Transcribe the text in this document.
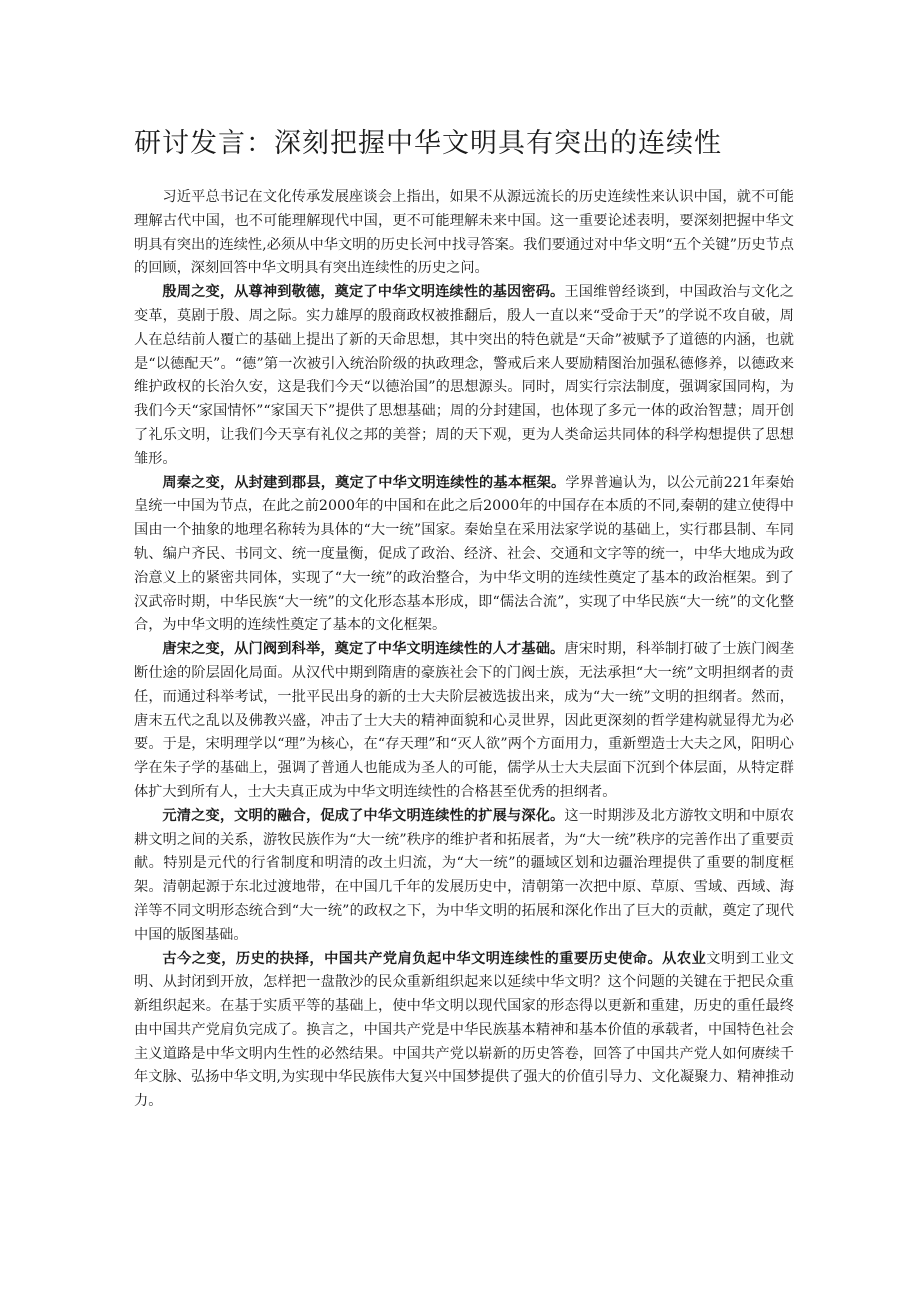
研讨发言：深刻把握中华文明具有突出的连续性

习近平总书记在文化传承发展座谈会上指出，如果不从源远流长的历史连续性来认识中国，就不可能理解古代中国，也不可能理解现代中国，更不可能理解未来中国。这一重要论述表明，要深刻把握中华文明具有突出的连续性,必须从中华文明的历史长河中找寻答案。我们要通过对中华文明“五个关键”历史节点的回顾，深刻回答中华文明具有突出连续性的历史之问。

殷周之变，从尊神到敬德，奠定了中华文明连续性的基因密码。王国维曾经谈到，中国政治与文化之变革，莫剧于殷、周之际。实力雄厚的殷商政权被推翻后，殷人一直以来“受命于天”的学说不攻自破，周人在总结前人覆亡的基础上提出了新的天命思想，其中突出的特色就是“天命”被赋予了道德的内涵，也就是“以德配天”。“德”第一次被引入统治阶级的执政理念，警戒后来人要励精图治加强私德修养，以德政来维护政权的长治久安，这是我们今天“以德治国”的思想源头。同时，周实行宗法制度，强调家国同构，为我们今天“家国情怀”“家国天下”提供了思想基础；周的分封建国，也体现了多元一体的政治智慧；周开创了礼乐文明，让我们今天享有礼仪之邦的美誉；周的天下观，更为人类命运共同体的科学构想提供了思想雏形。

周秦之变，从封建到郡县，奠定了中华文明连续性的基本框架。学界普遍认为，以公元前221年秦始皇统一中国为节点，在此之前2000年的中国和在此之后2000年的中国存在本质的不同,秦朝的建立使得中国由一个抽象的地理名称转为具体的“大一统”国家。秦始皇在采用法家学说的基础上，实行郡县制、车同轨、编户齐民、书同文、统一度量衡，促成了政治、经济、社会、交通和文字等的统一，中华大地成为政治意义上的紧密共同体，实现了“大一统”的政治整合，为中华文明的连续性奠定了基本的政治框架。到了汉武帝时期，中华民族“大一统”的文化形态基本形成，即“儒法合流”，实现了中华民族“大一统”的文化整合，为中华文明的连续性奠定了基本的文化框架。

唐宋之变，从门阀到科举，奠定了中华文明连续性的人才基础。唐宋时期，科举制打破了士族门阀垄断仕途的阶层固化局面。从汉代中期到隋唐的豪族社会下的门阀士族，无法承担“大一统”文明担纲者的责任，而通过科举考试，一批平民出身的新的士大夫阶层被选拔出来，成为“大一统”文明的担纲者。然而，唐末五代之乱以及佛教兴盛，冲击了士大夫的精神面貌和心灵世界，因此更深刻的哲学建构就显得尤为必要。于是，宋明理学以“理”为核心，在“存天理”和“灭人欲”两个方面用力，重新塑造士大夫之风，阳明心学在朱子学的基础上，强调了普通人也能成为圣人的可能，儒学从士大夫层面下沉到个体层面，从特定群体扩大到所有人，士大夫真正成为中华文明连续性的合格甚至优秀的担纲者。

元清之变，文明的融合，促成了中华文明连续性的扩展与深化。这一时期涉及北方游牧文明和中原农耕文明之间的关系，游牧民族作为“大一统”秩序的维护者和拓展者，为“大一统”秩序的完善作出了重要贡献。特别是元代的行省制度和明清的改土归流，为“大一统”的疆域区划和边疆治理提供了重要的制度框架。清朝起源于东北过渡地带，在中国几千年的发展历史中，清朝第一次把中原、草原、雪域、西域、海洋等不同文明形态统合到“大一统”的政权之下，为中华文明的拓展和深化作出了巨大的贡献，奠定了现代中国的版图基础。

古今之变，历史的抉择，中国共产党肩负起中华文明连续性的重要历史使命。从农业文明到工业文明、从封闭到开放，怎样把一盘散沙的民众重新组织起来以延续中华文明？这个问题的关键在于把民众重新组织起来。在基于实质平等的基础上，使中华文明以现代国家的形态得以更新和重建，历史的重任最终由中国共产党肩负完成了。换言之，中国共产党是中华民族基本精神和基本价值的承载者，中国特色社会主义道路是中华文明内生性的必然结果。中国共产党以崭新的历史答卷，回答了中国共产党人如何赓续千年文脉、弘扬中华文明,为实现中华民族伟大复兴中国梦提供了强大的价值引导力、文化凝聚力、精神推动力。
